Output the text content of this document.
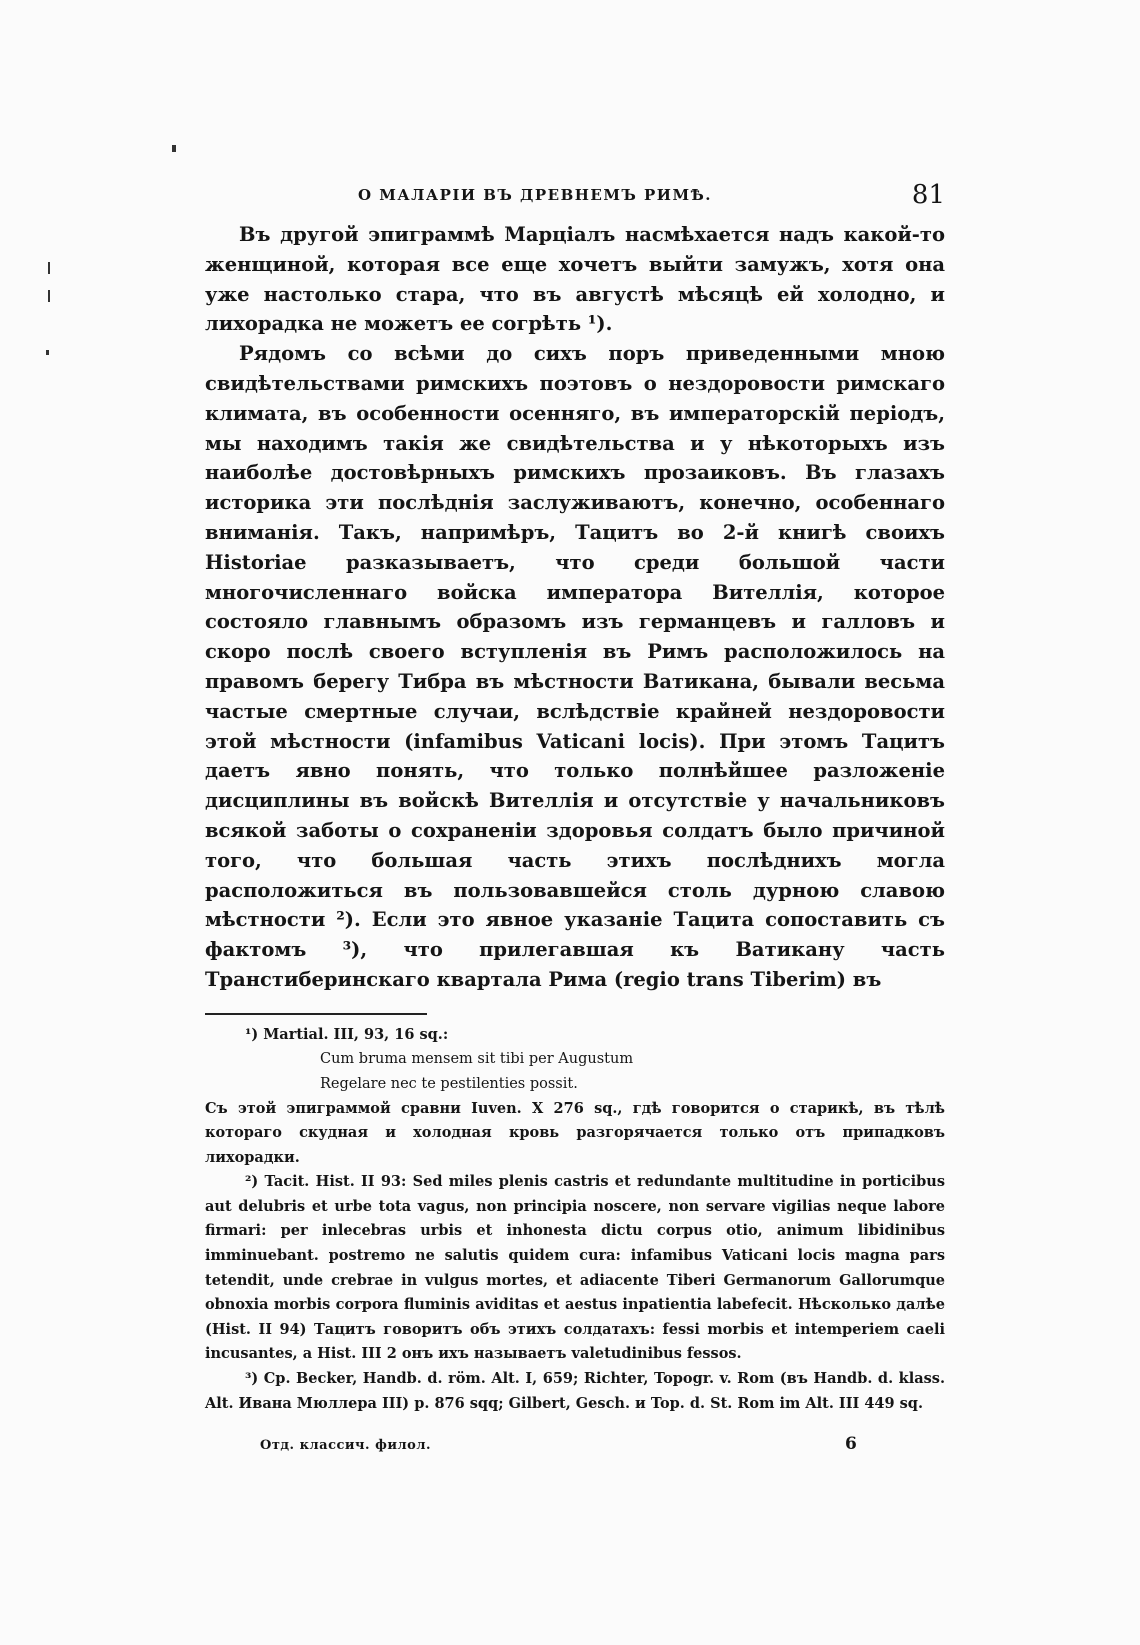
О МАЛАРІИ ВЪ ДРЕВНЕМЪ РИМѢ.	81

Въ другой эпиграммѣ Марціалъ насмѣхается надъ какой-то женщиной, которая все еще хочетъ выйти замужъ, хотя она уже настолько стара, что въ августѣ мѣсяцѣ ей холодно, и лихорадка не можетъ ее согрѣть ¹).

Рядомъ со всѣми до сихъ поръ приведенными мною свидѣтельствами римскихъ поэтовъ о нездоровости римскаго климата, въ особенности осенняго, въ императорскій періодъ, мы находимъ такія же свидѣтельства и у нѣкоторыхъ изъ наиболѣе достовѣрныхъ римскихъ прозаиковъ. Въ глазахъ историка эти послѣднія заслуживаютъ, конечно, особеннаго вниманія. Такъ, напримѣръ, Тацитъ во 2-й книгѣ своихъ Historiae разказываетъ, что среди большой части многочисленнаго войска императора Вителлія, которое состояло главнымъ образомъ изъ германцевъ и галловъ и скоро послѣ своего вступленія въ Римъ расположилось на правомъ берегу Тибра въ мѣстности Ватикана, бывали весьма частые смертные случаи, вслѣдствіе крайней нездоровости этой мѣстности (infamibus Vaticani locis). При этомъ Тацитъ даетъ явно понять, что только полнѣйшее разложеніе дисциплины въ войскѣ Вителлія и отсутствіе у начальниковъ всякой заботы о сохраненіи здоровья солдатъ было причиной того, что большая часть этихъ послѣднихъ могла расположиться въ пользовавшейся столь дурною славою мѣстности ²). Если это явное указаніе Тацита сопоставить съ фактомъ ³), что прилегавшая къ Ватикану часть Транстиберинскаго квартала Рима (regio trans Tiberim) въ

¹) Martial. III, 93, 16 sq.:

Cum bruma mensem sit tibi per Augustum

Regelare nec te pestilenties possit.

Съ этой эпиграммой сравни Iuven. X 276 sq., гдѣ говорится о старикѣ, въ тѣлѣ котораго скудная и холодная кровь разгорячается только отъ припадковъ лихорадки.

²) Tacit. Hist. II 93: Sed miles plenis castris et redundante multitudine in porticibus aut delubris et urbe tota vagus, non principia noscere, non servare vigilias neque labore firmari: per inlecebras urbis et inhonesta dictu corpus otio, animum libidinibus imminuebant. postremo ne salutis quidem cura: infamibus Vaticani locis magna pars tetendit, unde crebrae in vulgus mortes, et adiacente Tiberi Germanorum Gallorumque obnoxia morbis corpora fluminis aviditas et aestus inpatientia labefecit. Нѣсколько далѣе (Hist. II 94) Тацитъ говоритъ объ этихъ солдатахъ: fessi morbis et intemperiem caeli incusantes, а Hist. III 2 онъ ихъ называетъ valetudinibus fessos.

³) Ср. Becker, Handb. d. röm. Alt. I, 659; Richter, Topogr. v. Rom (въ Handb. d. klass. Alt. Ивана Мюллера III) p. 876 sqq; Gilbert, Gesch. и Top. d. St. Rom im Alt. III 449 sq.

Отд. классич. филол.	6
